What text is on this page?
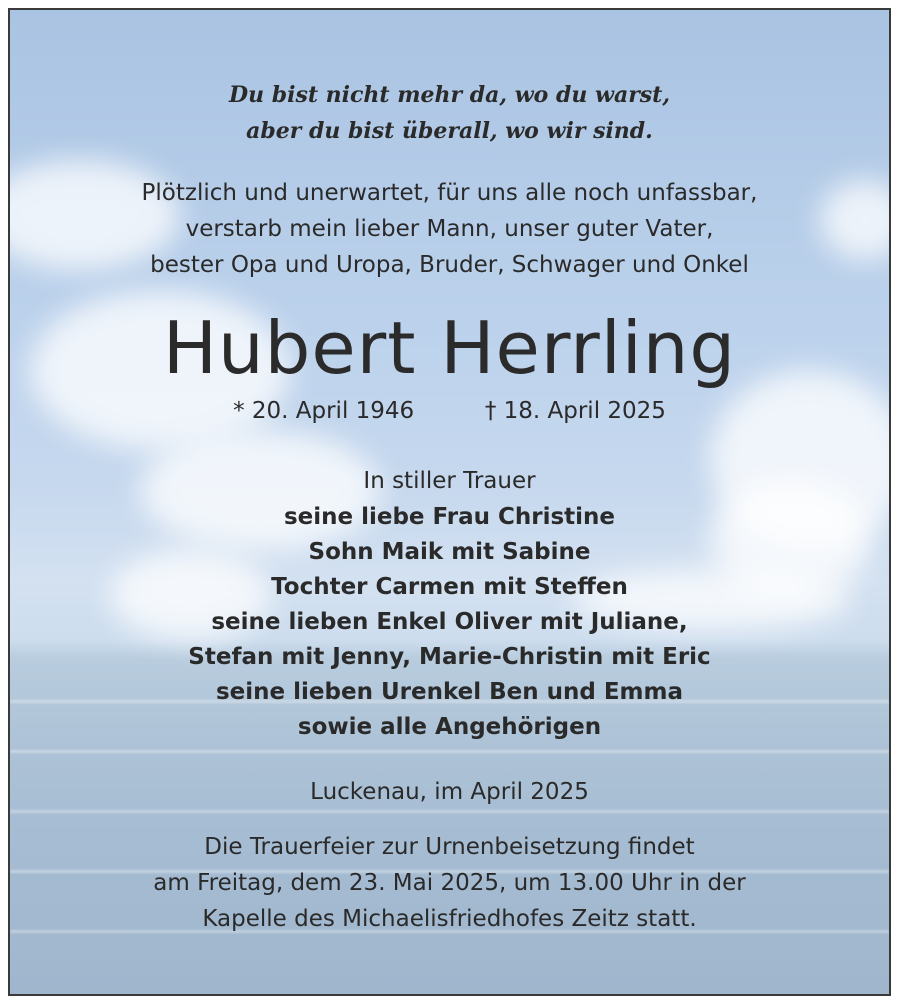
Du bist nicht mehr da, wo du warst,
aber du bist überall, wo wir sind.
Plötzlich und unerwartet, für uns alle noch unfassbar,
verstarb mein lieber Mann, unser guter Vater,
bester Opa und Uropa, Bruder, Schwager und Onkel
Hubert Herrling
* 20. April 1946	† 18. April 2025
In stiller Trauer
seine liebe Frau Christine
Sohn Maik mit Sabine
Tochter Carmen mit Steffen
seine lieben Enkel Oliver mit Juliane,
Stefan mit Jenny, Marie-Christin mit Eric
seine lieben Urenkel Ben und Emma
sowie alle Angehörigen
Luckenau, im April 2025
Die Trauerfeier zur Urnenbeisetzung findet
am Freitag, dem 23. Mai 2025, um 13.00 Uhr in der
Kapelle des Michaelisfriedhofes Zeitz statt.
